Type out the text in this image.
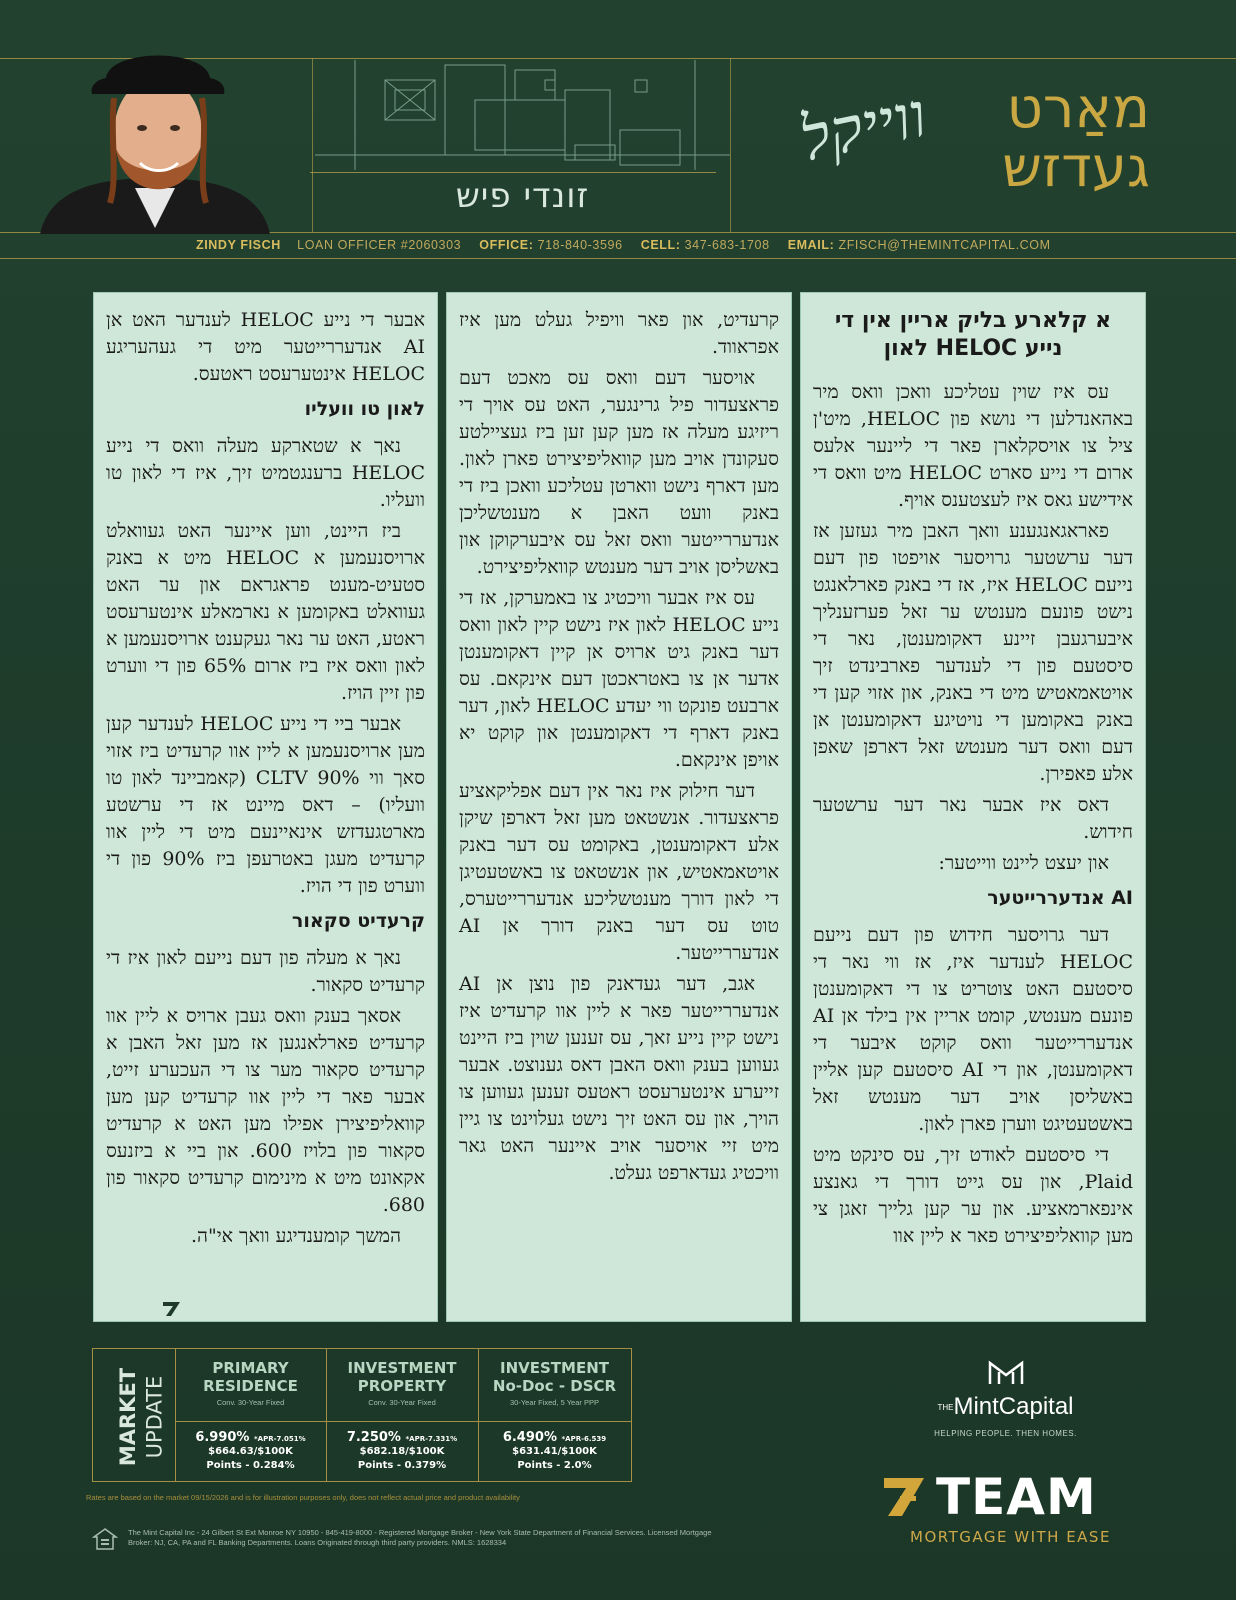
זונדי פיש
ווייקל	מאַרט
געדזש
ZINDY FISCH LOAN OFFICER #2060303 OFFICE: 718-840-3596 CELL: 347-683-1708 EMAIL: ZFISCH@THEMINTCAPITAL.COM
א קלארע בליק אריין אין די נייע HELOC לאון

עס איז שוין עטליכע וואכן וואס מיר באהאנדלען די נושא פון HELOC, מיט'ן ציל צו אויסקלארן פאר די ליינער אלעס ארום די נייע סארט HELOC מיט וואס די אידישע גאס איז לעצטענס אויף.

פאראגאנגענע וואך האבן מיר געזען אז דער ערשטער גרויסער אויפטו פון דעם נייעם HELOC איז, אז די באנק פארלאנגט נישט פונעם מענטש ער זאל פערזענליך איבערגעבן זיינע דאקומענטן, נאר די סיסטעם פון די לענדער פארבינדט זיך אויטאמאטיש מיט די באנק, און אזוי קען די באנק באקומען די נויטיגע דאקומענטן אן דעם וואס דער מענטש זאל דארפן שאפן אלע פאפירן.

דאס איז אבער נאר דער ערשטער חידוש.

און יעצט ליינט ווייטער:

AI אנדעררייטער

דער גרויסער חידוש פון דעם נייעם HELOC לענדער איז, אז ווי נאר די סיסטעם האט צוטריט צו די דאקומענטן פונעם מענטש, קומט אריין אין בילד אן AI אנדעררייטער וואס קוקט איבער די דאקומענטן, און די AI סיסטעם קען אליין באשליסן אויב דער מענטש זאל באשטעטיגט ווערן פארן לאון.

די סיסטעם לאודט זיך, עס סינקט מיט Plaid, און עס גייט דורך די גאנצע אינפארמאציע. און ער קען גלייך זאגן צי מען קוואליפיצירט פאר א ליין אוו

קרעדיט, און פאר וויפיל געלט מען איז אפראווד.

אויסער דעם וואס עס מאכט דעם פראצעדור פיל גרינגער, האט עס אויך די ריזיגע מעלה אז מען קען זען ביז געציילטע סעקונדן אויב מען קוואליפיצירט פארן לאון. מען דארף נישט ווארטן עטליכע וואכן ביז די באנק וועט האבן א מענטשליכן אנדעררייטער וואס זאל עס איבערקוקן און באשליסן אויב דער מענטש קוואליפיצירט.

עס איז אבער וויכטיג צו באמערקן, אז די נייע HELOC לאון איז נישט קיין לאון וואס דער באנק גיט ארויס אן קיין דאקומענטן אדער אן צו באטראכטן דעם אינקאם. עס ארבעט פונקט ווי יעדע HELOC לאון, דער באנק דארף די דאקומענטן און קוקט יא אויפן אינקאם.

דער חילוק איז נאר אין דעם אפליקאציע פראצעדור. אנשטאט מען זאל דארפן שיקן אלע דאקומענטן, באקומט עס דער באנק אויטאמאטיש, און אנשטאט צו באשטעטיגן די לאון דורך מענטשליכע אנדעררייטערס, טוט עס דער באנק דורך אן AI אנדעררייטער.

אגב, דער געדאנק פון נוצן אן AI אנדעררייטער פאר א ליין אוו קרעדיט איז נישט קיין נייע זאך, עס זענען שוין ביז היינט געווען בענק וואס האבן דאס גענוצט. אבער זייערע אינטערעסט ראטעס זענען געווען צו הויך, און עס האט זיך נישט געלוינט צו גיין מיט זיי אויסער אויב איינער האט גאר וויכטיג געדארפט געלט.

אבער די נייע HELOC לענדער האט אן AI אנדעררייטער מיט די געהעריגע HELOC אינטערעסט ראטעס.

לאון טו וועליו

נאך א שטארקע מעלה וואס די נייע HELOC ברענגטמיט זיך, איז די לאון טו וועליו.

ביז היינט, ווען איינער האט געוואלט ארויסנעמען א HELOC מיט א באנק סטעיט-מענט פראגראם און ער האט געוואלט באקומען א נארמאלע אינטערעסט ראטע, האט ער נאר געקענט ארויסנעמען א לאון וואס איז ביז ארום 65% פון די ווערט פון זיין הויז.

אבער ביי די נייע HELOC לענדער קען מען ארויסנעמען א ליין אוו קרעדיט ביז אזוי סאך ווי 90% CLTV (קאמביינד לאון טו וועליו) – דאס מיינט אז די ערשטע מארטגעדזש אינאיינעם מיט די ליין אוו קרעדיט מעגן באטרעפן ביז 90% פון די ווערט פון די הויז.

קרעדיט סקאור

נאך א מעלה פון דעם נייעם לאון איז די קרעדיט סקאור.

אסאך בענק וואס געבן ארויס א ליין אוו קרעדיט פארלאנגען אז מען זאל האבן א קרעדיט סקאור מער צו די העכערע זייט, אבער פאר די ליין אוו קרעדיט קען מען קוואליפיצירן אפילו מען האט א קרעדיט סקאור פון בלויז 600. און ביי א ביזנעס אקאונט מיט א מינימום קרעדיט סקאור פון 680.

המשך קומענדיגע וואך אי"ה.

MARKET UPDATE
PRIMARY
RESIDENCE
Conv. 30-Year Fixed
6.990% *APR-7.051%
$664.63/$100K
Points - 0.284%
INVESTMENT
PROPERTY
Conv. 30-Year Fixed
7.250% *APR-7.331%
$682.18/$100K
Points - 0.379%
INVESTMENT
No-Doc - DSCR
30-Year Fixed, 5 Year PPP
6.490% *APR-6.539
$631.41/$100K
Points - 2.0%
Rates are based on the market 09/15/2026 and is for illustration purposes only, does not reflect actual price and product availability
The Mint Capital Inc - 24 Gilbert St Ext Monroe NY 10950 - 845-419-8000 - Registered Mortgage Broker - New York State Department of Financial Services. Licensed Mortgage Broker: NJ, CA, PA and FL Banking Departments. Loans Originated through third party providers. NMLS: 1628334
THEMintCapital
HELPING PEOPLE. THEN HOMES.
TEAM
MORTGAGE WITH EASE
